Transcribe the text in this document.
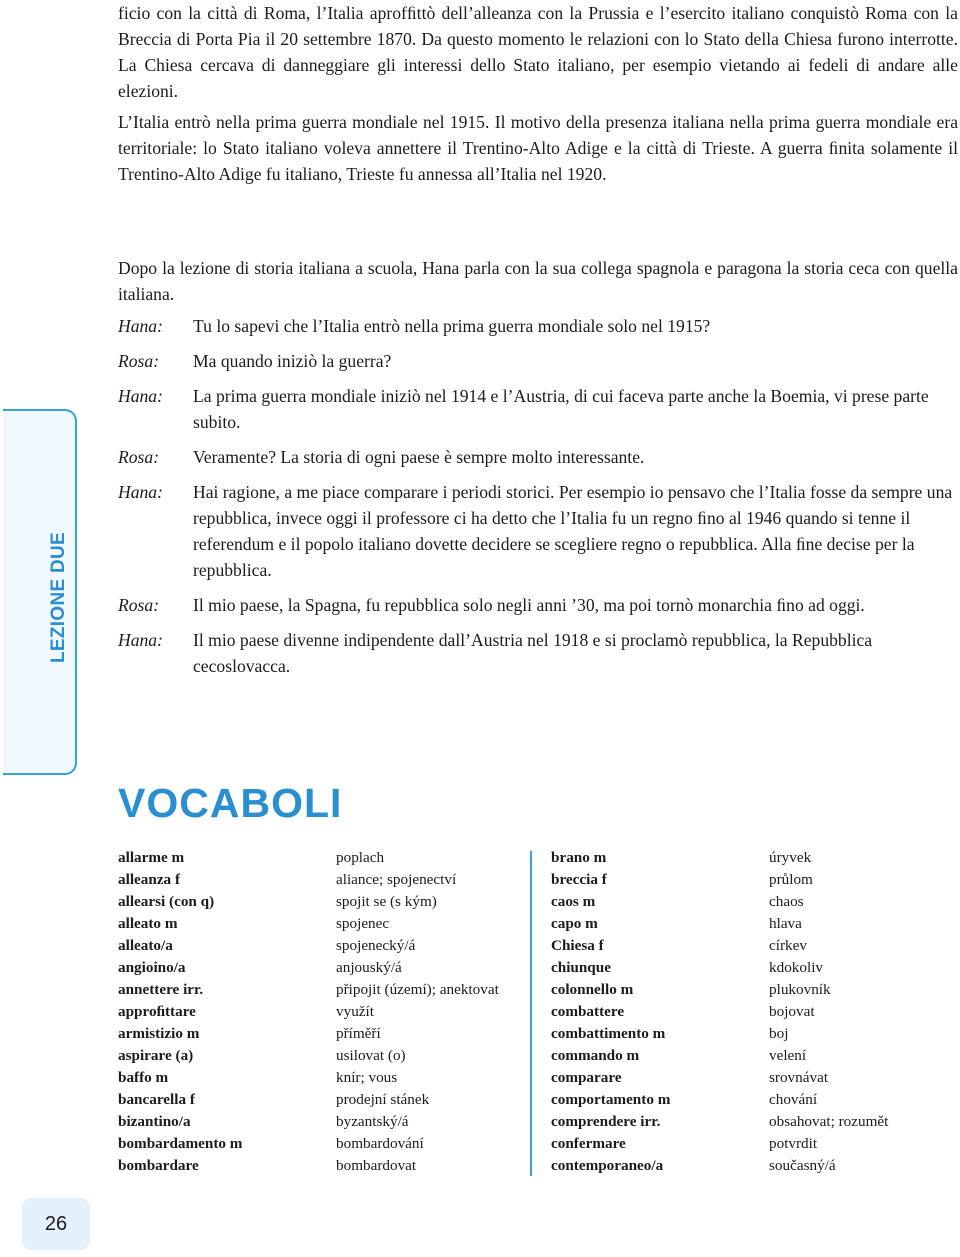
ficio con la città di Roma, l’Italia aprofﬁttò dell’alleanza con la Prussia e l’esercito italiano conquistò Roma con la Breccia di Porta Pia il 20 settembre 1870. Da questo momento le relazioni con lo Stato della Chiesa furono interrotte. La Chiesa cercava di danneggiare gli interessi dello Stato italiano, per esempio vietando ai fedeli di andare alle elezioni.

L’Italia entrò nella prima guerra mondiale nel 1915. Il motivo della presenza italiana nella prima guerra mondiale era territoriale: lo Stato italiano voleva annettere il Trentino-Alto Adige e la città di Trieste. A guerra ﬁnita solamente il Trentino-Alto Adige fu italiano, Trieste fu annessa all’Italia nel 1920.

Dopo la lezione di storia italiana a scuola, Hana parla con la sua collega spagnola e paragona la storia ceca con quella italiana.

Hana:	Tu lo sapevi che l’Italia entrò nella prima guerra mondiale solo nel 1915?
Rosa:	Ma quando iniziò la guerra?
Hana:	La prima guerra mondiale iniziò nel 1914 e l’Austria, di cui faceva parte anche la Boemia, vi prese parte subito.
Rosa:	Veramente? La storia di ogni paese è sempre molto interessante.
Hana:	Hai ragione, a me piace comparare i periodi storici. Per esempio io pensavo che l’Italia fosse da sempre una repubblica, invece oggi il professore ci ha detto che l’Italia fu un regno ﬁno al 1946 quando si tenne il referendum e il popolo italiano dovette decidere se scegliere regno o repubblica. Alla ﬁne decise per la repubblica.
Rosa:	Il mio paese, la Spagna, fu repubblica solo negli anni ’30, ma poi tornò monarchia ﬁno ad oggi.
Hana:	Il mio paese divenne indipendente dall’Austria nel 1918 e si proclamò repubblica, la Repubblica cecoslovacca.
LEZIONE DUE
VOCABOLI
allarme m	poplach
alleanza f	aliance; spojenectví
allearsi (con q)	spojit se (s kým)
alleato m	spojenec
alleato/a	spojenecký/á
angioino/a	anjouský/á
annettere irr.	připojit (území); anektovat
approﬁttare	využít
armistizio m	příměří
aspirare (a)	usilovat (o)
baffo m	knír; vous
bancarella f	prodejní stánek
bizantino/a	byzantský/á
bombardamento m	bombardování
bombardare	bombardovat
brano m	úryvek
breccia f	průlom
caos m	chaos
capo m	hlava
Chiesa f	církev
chiunque	kdokoliv
colonnello m	plukovník
combattere	bojovat
combattimento m	boj
commando m	velení
comparare	srovnávat
comportamento m	chování
comprendere irr.	obsahovat; rozumět
confermare	potvrdit
contemporaneo/a	současný/á
26
